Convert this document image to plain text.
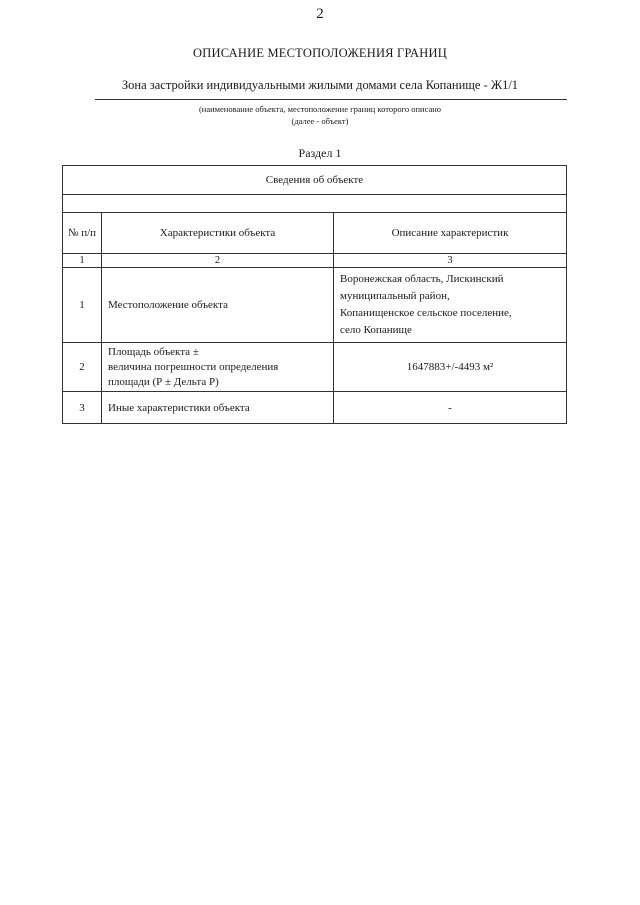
2
ОПИСАНИЕ МЕСТОПОЛОЖЕНИЯ ГРАНИЦ
Зона застройки индивидуальными жилыми домами села Копанище - Ж1/1
(наименование объекта, местоположение границ которого описано
(далее - объект)
Раздел 1
Сведения об объекте		

№ п/п	Характеристики объекта	Описание характеристик
1	2	3
1	Местоположение объекта	Воронежская область, Лискинский
муниципальный район,
Копанищенское сельское поселение,
село Копанище

2	Площадь объекта ±
величина погрешности определения
площади (Р ± Дельта Р)	1647883+/-4493 м²
3	Иные характеристики объекта	-
